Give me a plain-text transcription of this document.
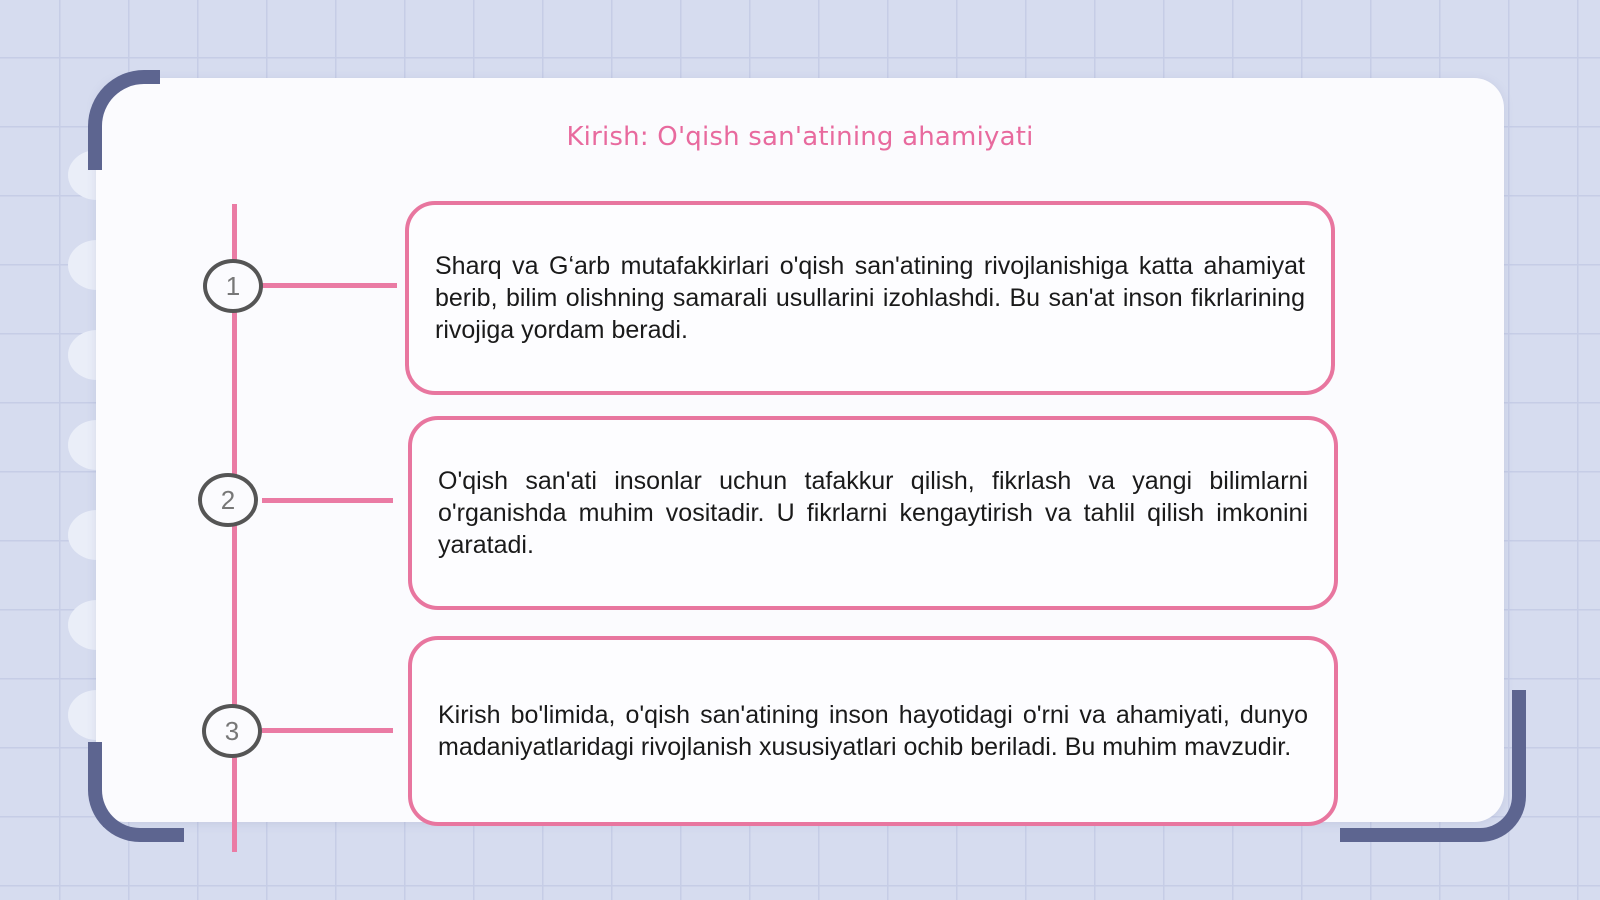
Kirish: O'qish san'atining ahamiyati
1
2
3

Sharq va Gʻarb mutafakkirlari o'qish san'atining rivojlanishiga katta ahamiyat berib, bilim olishning samarali usullarini izohlashdi. Bu san'at inson fikrlarining rivojiga yordam beradi.

O'qish san'ati insonlar uchun tafakkur qilish, fikrlash va yangi bilimlarni o'rganishda muhim vositadir. U fikrlarni kengaytirish va tahlil qilish imkonini yaratadi.

Kirish bo'limida, o'qish san'atining inson hayotidagi o'rni va ahamiyati, dunyo madaniyatlaridagi rivojlanish xususiyatlari ochib beriladi. Bu muhim mavzudir.
